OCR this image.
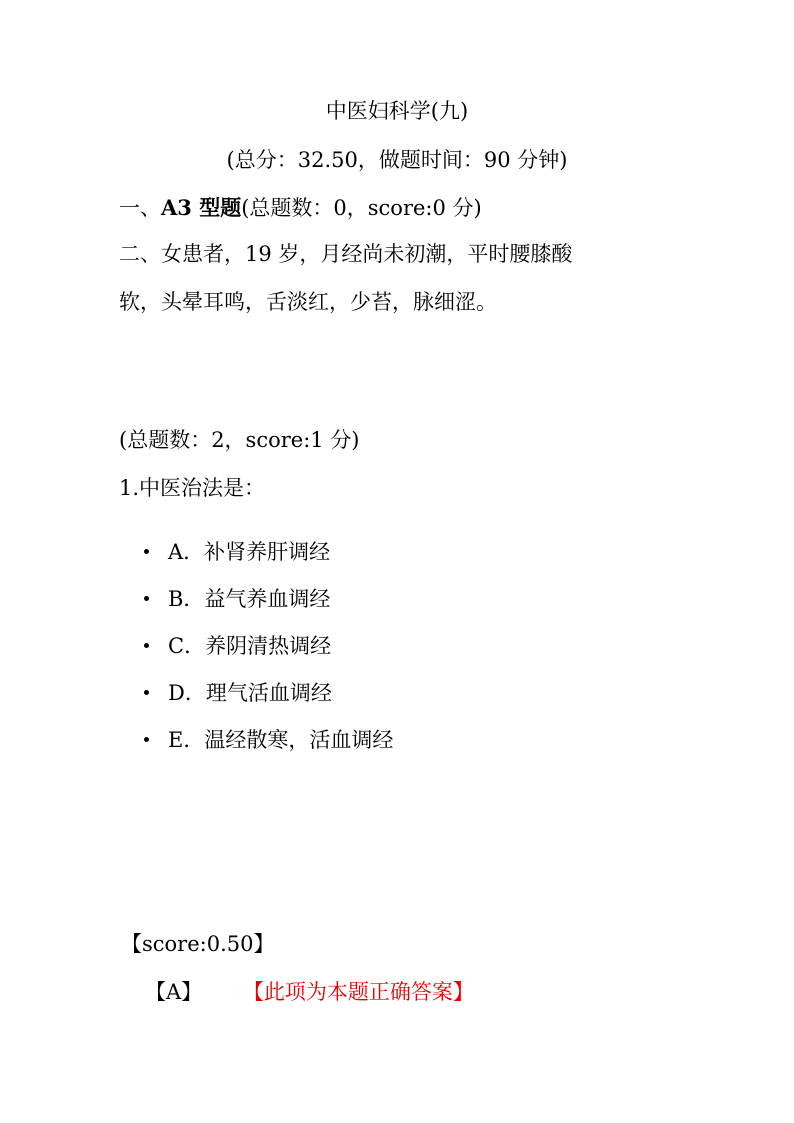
中医妇科学(九)
(总分：32.50，做题时间：90 分钟)
一、A3 型题(总题数：0，score:0 分)
二、女患者，19 岁，月经尚未初潮，平时腰膝酸
软，头晕耳鸣，舌淡红，少苔，脉细涩。
(总题数：2，score:1 分)
1.中医治法是：
A．补肾养肝调经
B．益气养血调经
C．养阴清热调经
D．理气活血调经
E．温经散寒，活血调经
【score:0.50】
【A】 【此项为本题正确答案】
